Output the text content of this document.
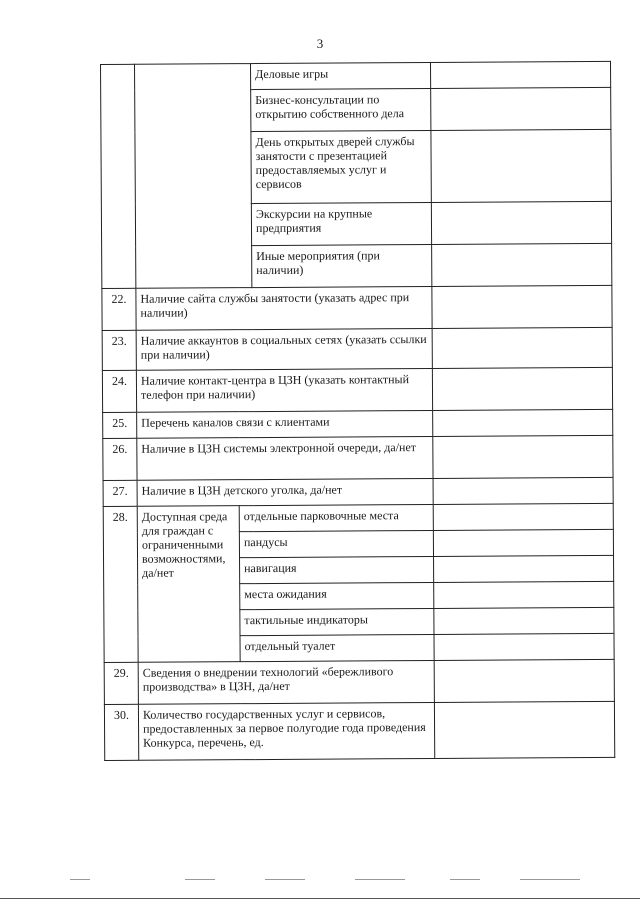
3
			Деловые игры	
			Бизнес-консультации по открытию собственного дела	
			День открытых дверей службы занятости с презентацией предоставляемых услуг и сервисов	
			Экскурсии на крупные предприятия	
			Иные мероприятия (при наличии)	
22.	Наличие сайта службы занятости (указать адрес при наличии)			
23.	Наличие аккаунтов в социальных сетях (указать ссылки при наличии)			
24.	Наличие контакт-центра в ЦЗН (указать контактный телефон при наличии)			
25.	Перечень каналов связи с клиентами			
26.	Наличие в ЦЗН системы электронной очереди, да/нет			
27.	Наличие в ЦЗН детского уголка, да/нет			
28.	Доступная среда для граждан с ограниченными возможностями, да/нет	отдельные парковочные места		
		пандусы		
		навигация		
		места ожидания		
		тактильные индикаторы		
		отдельный туалет		
29.	Сведения о внедрении технологий «бережливого производства» в ЦЗН, да/нет			
30.	Количество государственных услуг и сервисов, предоставленных за первое полугодие года проведения Конкурса, перечень, ед.			
